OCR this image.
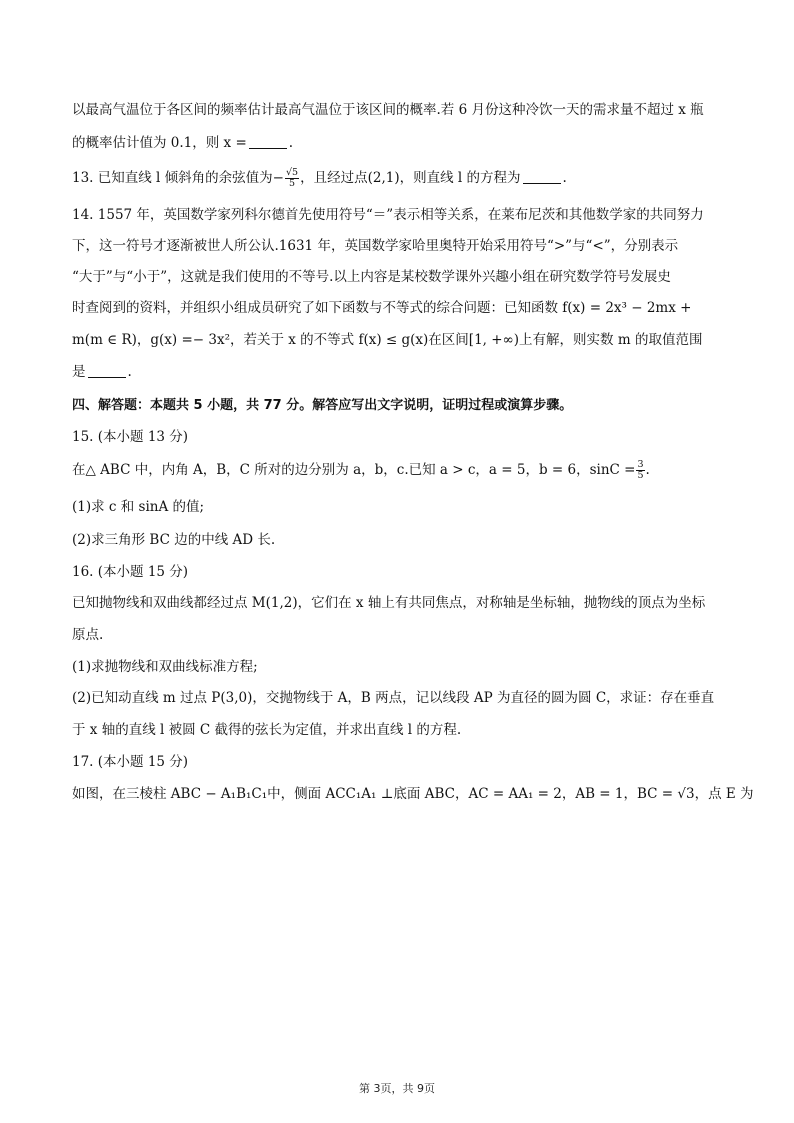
以最高气温位于各区间的频率估计最高气温位于该区间的概率.若 6 月份这种冷饮一天的需求量不超过 x 瓶
的概率估计值为 0.1，则 x =	.
13. 已知直线 l 倾斜角的余弦值为− $\frac{√5}{5}$ ，且经过点(2,1)，则直线 l 的方程为	.
14. 1557 年，英国数学家列科尔德首先使用符号“＝”表示相等关系，在莱布尼茨和其他数学家的共同努力
下，这一符号才逐渐被世人所公认.1631 年，英国数学家哈里奥特开始采用符号“>”与“<”，分别表示
“大于”与“小于”，这就是我们使用的不等号.以上内容是某校数学课外兴趣小组在研究数学符号发展史
时查阅到的资料，并组织小组成员研究了如下函数与不等式的综合问题：已知函数 f(x) = 2x³ − 2mx +
m(m ∈ R)，g(x) =− 3x²，若关于 x 的不等式 f(x) ≤ g(x)在区间[1, +∞)上有解，则实数 m 的取值范围
是	.
四、解答题：本题共 5 小题，共 77 分。解答应写出文字说明，证明过程或演算步骤。
15. (本小题 13 分)
在△ ABC 中，内角 A，B，C 所对的边分别为 a，b，c.已知 a > c，a = 5，b = 6，$\sin C = \frac{3}{5}$ .
(1)求 c 和 sinA 的值;
(2)求三角形 BC 边的中线 AD 长.
16. (本小题 15 分)
已知抛物线和双曲线都经过点 M(1,2)，它们在 x 轴上有共同焦点，对称轴是坐标轴，抛物线的顶点为坐标
原点.
(1)求抛物线和双曲线标准方程;
(2)已知动直线 m 过点 P(3,0)，交抛物线于 A，B 两点，记以线段 AP 为直径的圆为圆 C，求证：存在垂直
于 x 轴的直线 l 被圆 C 截得的弦长为定值，并求出直线 l 的方程.
17. (本小题 15 分)
如图，在三棱柱 ABC − A₁B₁C₁中，侧面 ACC₁A₁ ⊥底面 ABC，AC = AA₁ = 2，AB = 1，BC = √3，点 E 为
第 3页，共 9页
